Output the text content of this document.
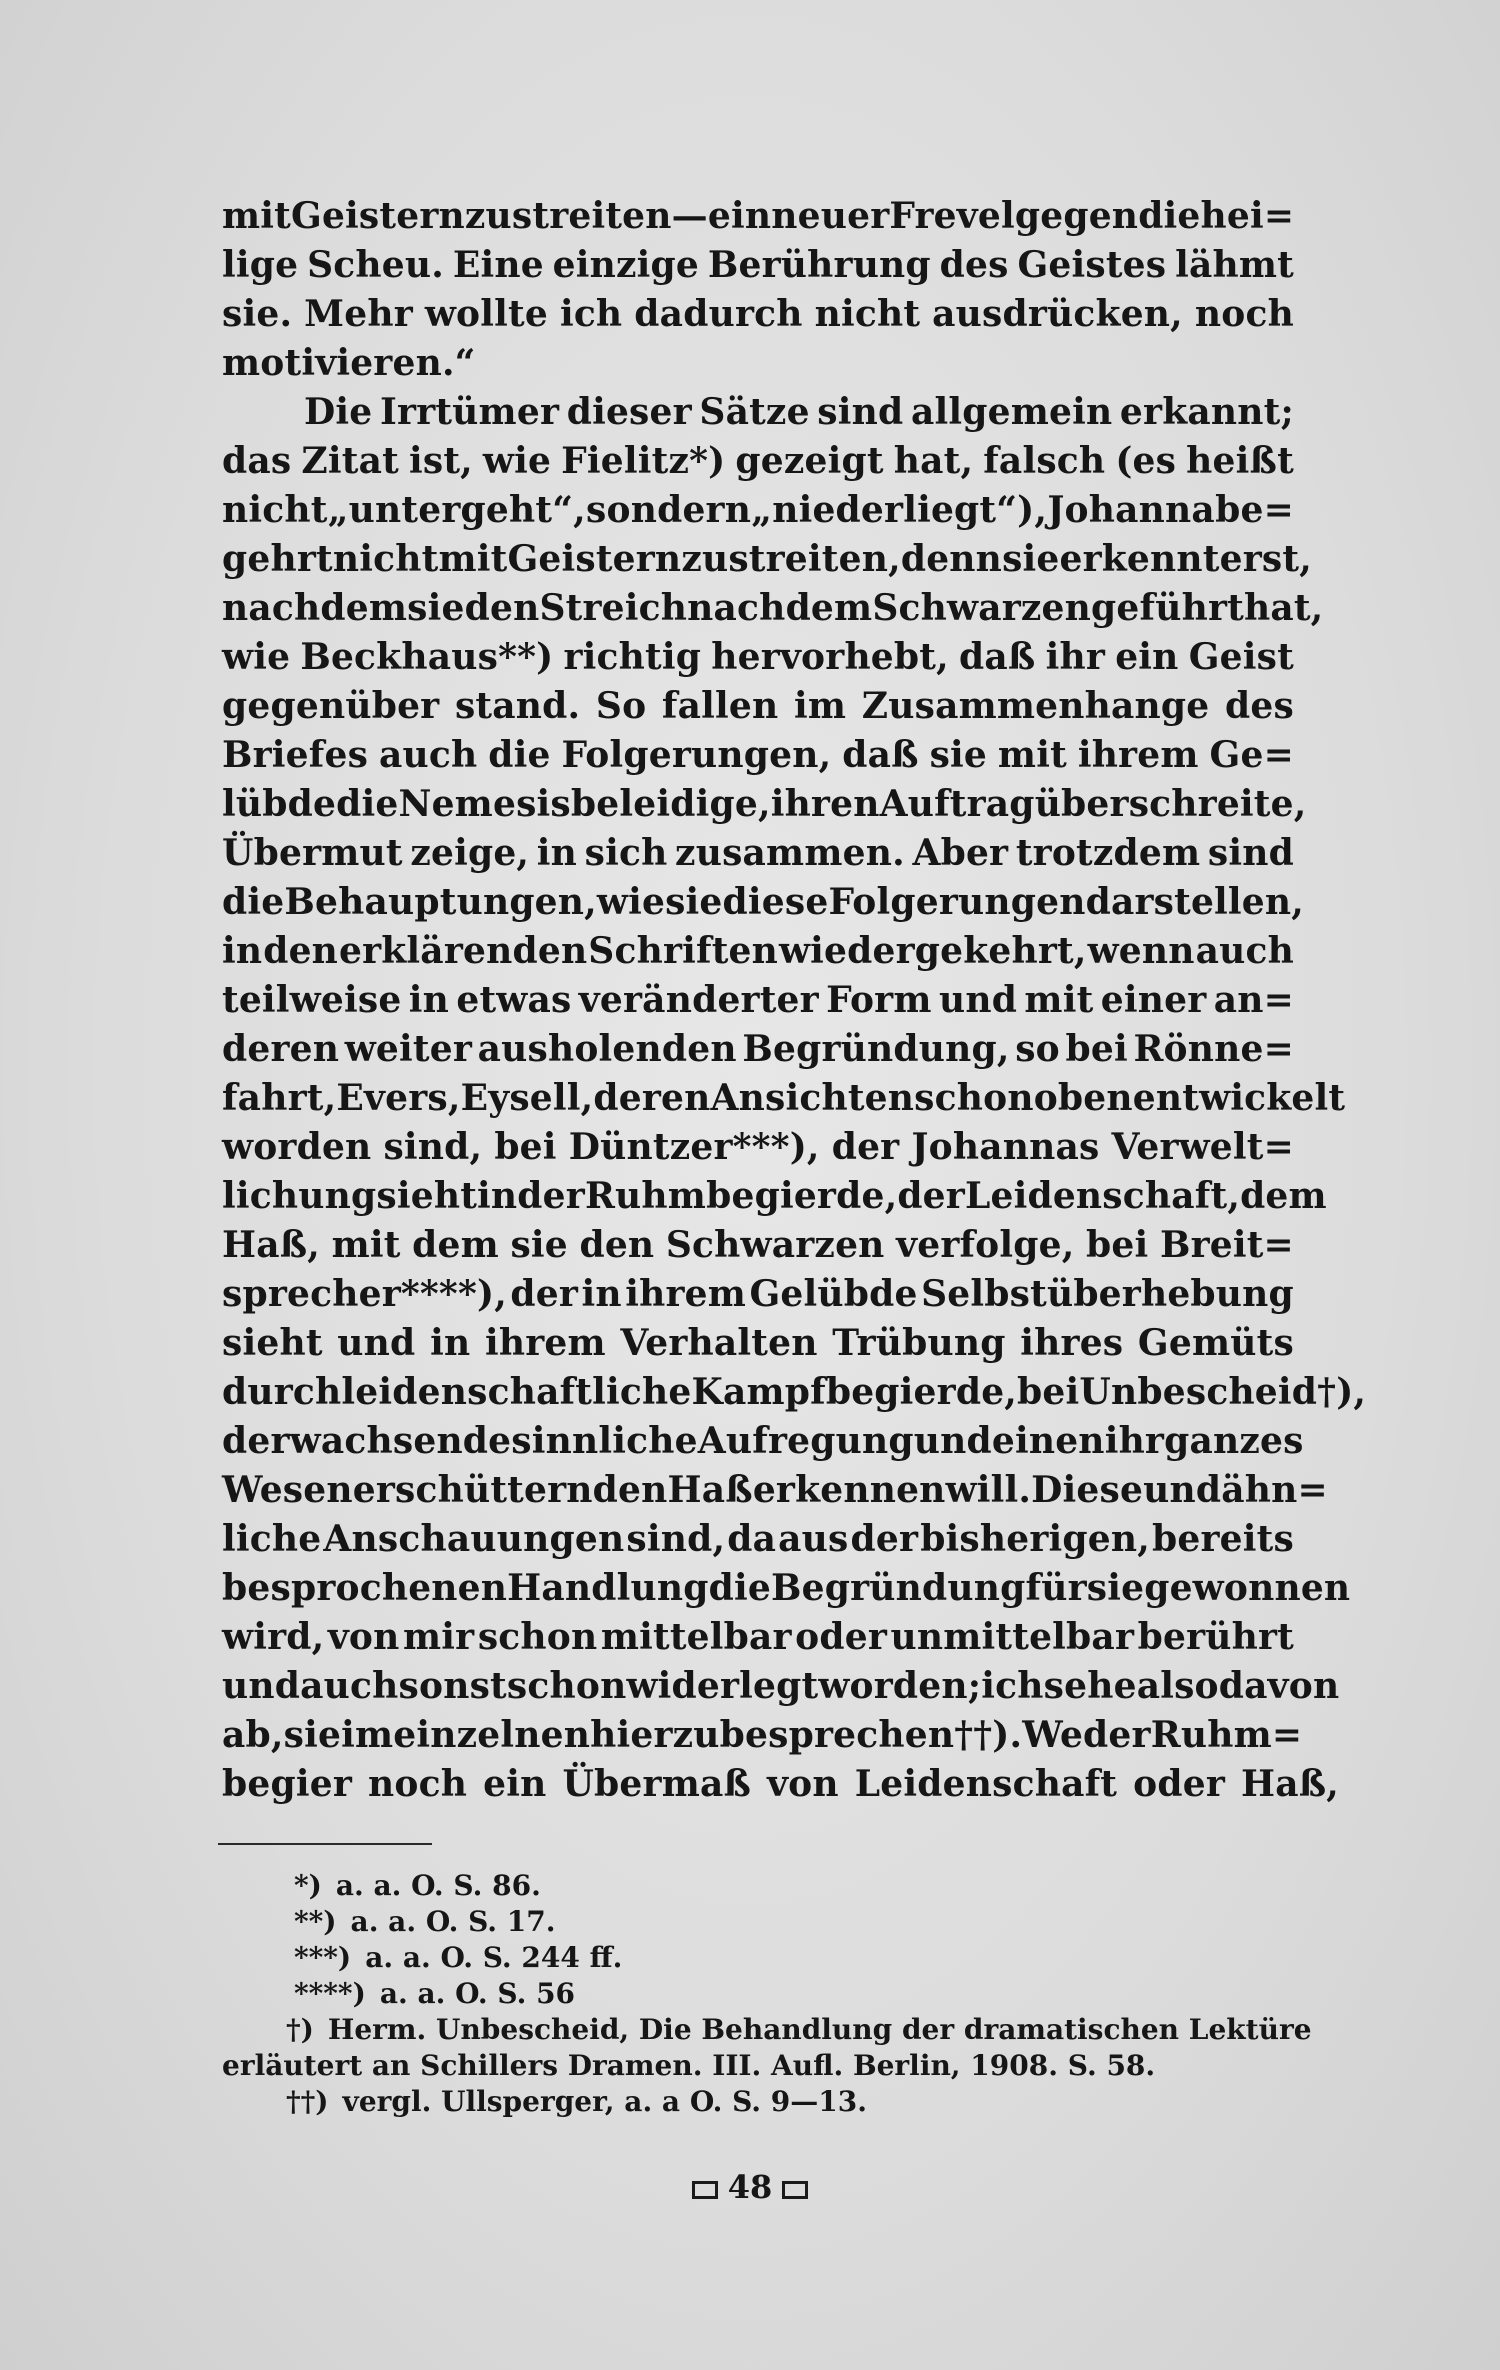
mit Geistern zu streiten — ein neuer Frevel gegen die hei=
lige Scheu. Eine einzige Berührung des Geistes lähmt
sie. Mehr wollte ich dadurch nicht ausdrücken, noch
motivieren.“
Die Irrtümer dieser Sätze sind allgemein erkannt;
das Zitat ist, wie Fielitz*) gezeigt hat, falsch (es heißt
nicht „untergeht“, sondern „niederliegt“), Johanna be=
gehrt nicht mit Geistern zu streiten, denn sie erkennt erst,
nachdem sie den Streich nach dem Schwarzen geführt hat,
wie Beckhaus**) richtig hervorhebt, daß ihr ein Geist
gegenüber stand. So fallen im Zusammenhange des
Briefes auch die Folgerungen, daß sie mit ihrem Ge=
lübde die Nemesis beleidige, ihren Auftrag überschreite,
Übermut zeige, in sich zusammen. Aber trotzdem sind
die Behauptungen, wie sie diese Folgerungen darstellen,
in den erklärenden Schriften wiedergekehrt, wenn auch
teilweise in etwas veränderter Form und mit einer an=
deren weiter ausholenden Begründung, so bei Rönne=
fahrt, Evers, Eysell, deren Ansichten schon oben entwickelt
worden sind, bei Düntzer***), der Johannas Verwelt=
lichung sieht in der Ruhmbegierde, der Leidenschaft, dem
Haß, mit dem sie den Schwarzen verfolge, bei Breit=
sprecher****), der in ihrem Gelübde Selbstüberhebung
sieht und in ihrem Verhalten Trübung ihres Gemüts
durch leidenschaftliche Kampfbegierde, bei Unbescheid†),
der wachsende sinnliche Aufregung und einen ihr ganzes
Wesen erschütternden Haß erkennen will. Diese und ähn=
liche Anschauungen sind, da aus der bisherigen, bereits
besprochenen Handlung die Begründung für sie gewonnen
wird, von mir schon mittelbar oder unmittelbar berührt
und auch sonst schon widerlegt worden; ich sehe also davon
ab, sie im einzelnen hier zu besprechen††). Weder Ruhm=
begier noch ein Übermaß von Leidenschaft oder Haß,
*) a. a. O. S. 86.
**) a. a. O. S. 17.
***) a. a. O. S. 244 ff.
****) a. a. O. S. 56
†) Herm. Unbescheid, Die Behandlung der dramatischen Lektüre
erläutert an Schillers Dramen. III. Aufl. Berlin, 1908. S. 58.
††) vergl. Ullsperger, a. a O. S. 9—13.
48
